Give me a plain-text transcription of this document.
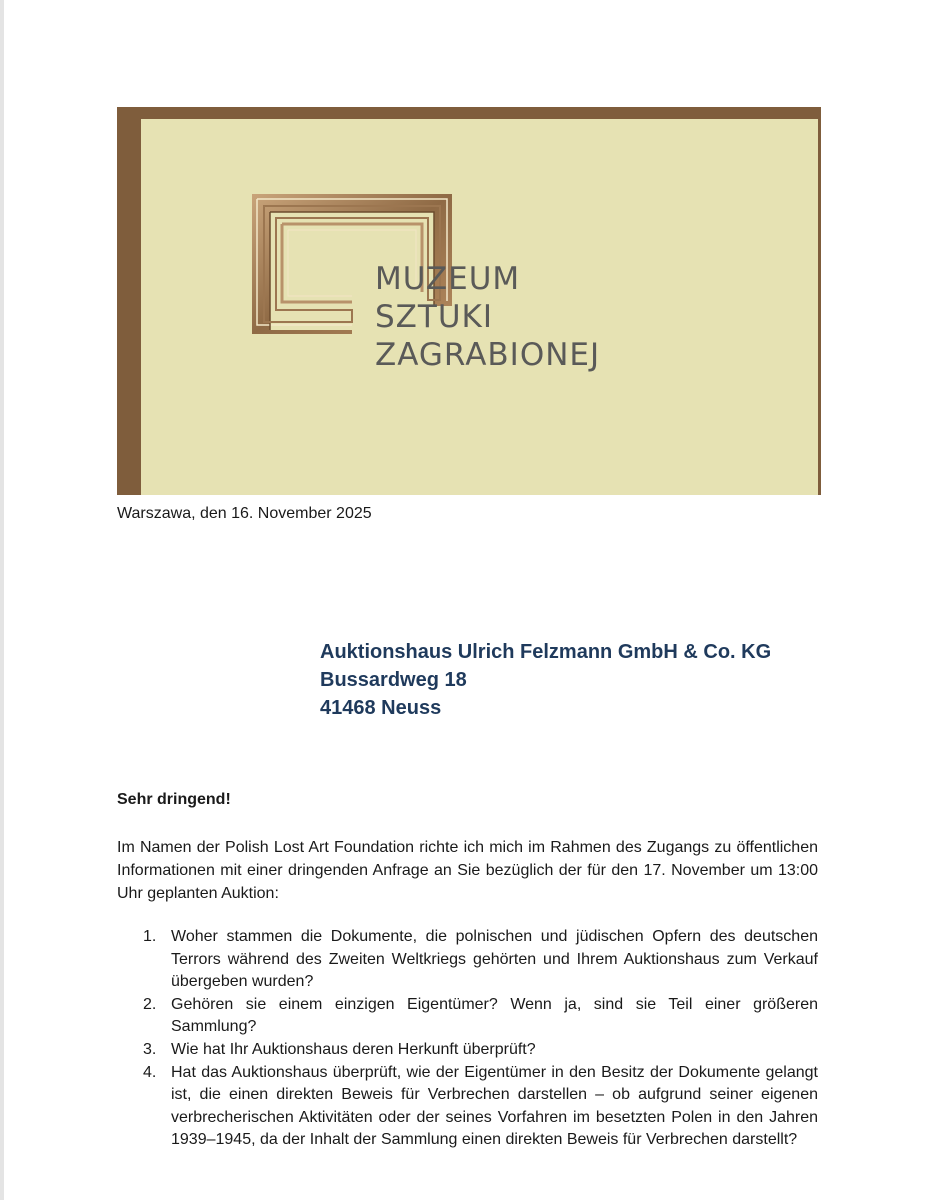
MUZEUM
SZTUKI
ZAGRABIONEJ
Warszawa, den 16. November 2025
Auktionshaus Ulrich Felzmann GmbH & Co. KG
Bussardweg 18
41468 Neuss
Sehr dringend!

Im Namen der Polish Lost Art Foundation richte ich mich im Rahmen des Zugangs zu öffentlichen Informationen mit einer dringenden Anfrage an Sie bezüglich der für den 17. November um 13:00 Uhr geplanten Auktion:

1. Woher stammen die Dokumente, die polnischen und jüdischen Opfern des deutschen Terrors während des Zweiten Weltkriegs gehörten und Ihrem Auktionshaus zum Verkauf übergeben wurden?
2. Gehören sie einem einzigen Eigentümer? Wenn ja, sind sie Teil einer größeren Sammlung?
3. Wie hat Ihr Auktionshaus deren Herkunft überprüft?
4. Hat das Auktionshaus überprüft, wie der Eigentümer in den Besitz der Dokumente gelangt ist, die einen direkten Beweis für Verbrechen darstellen – ob aufgrund seiner eigenen verbrecherischen Aktivitäten oder der seines Vorfahren im besetzten Polen in den Jahren 1939–1945, da der Inhalt der Sammlung einen direkten Beweis für Verbrechen darstellt?
